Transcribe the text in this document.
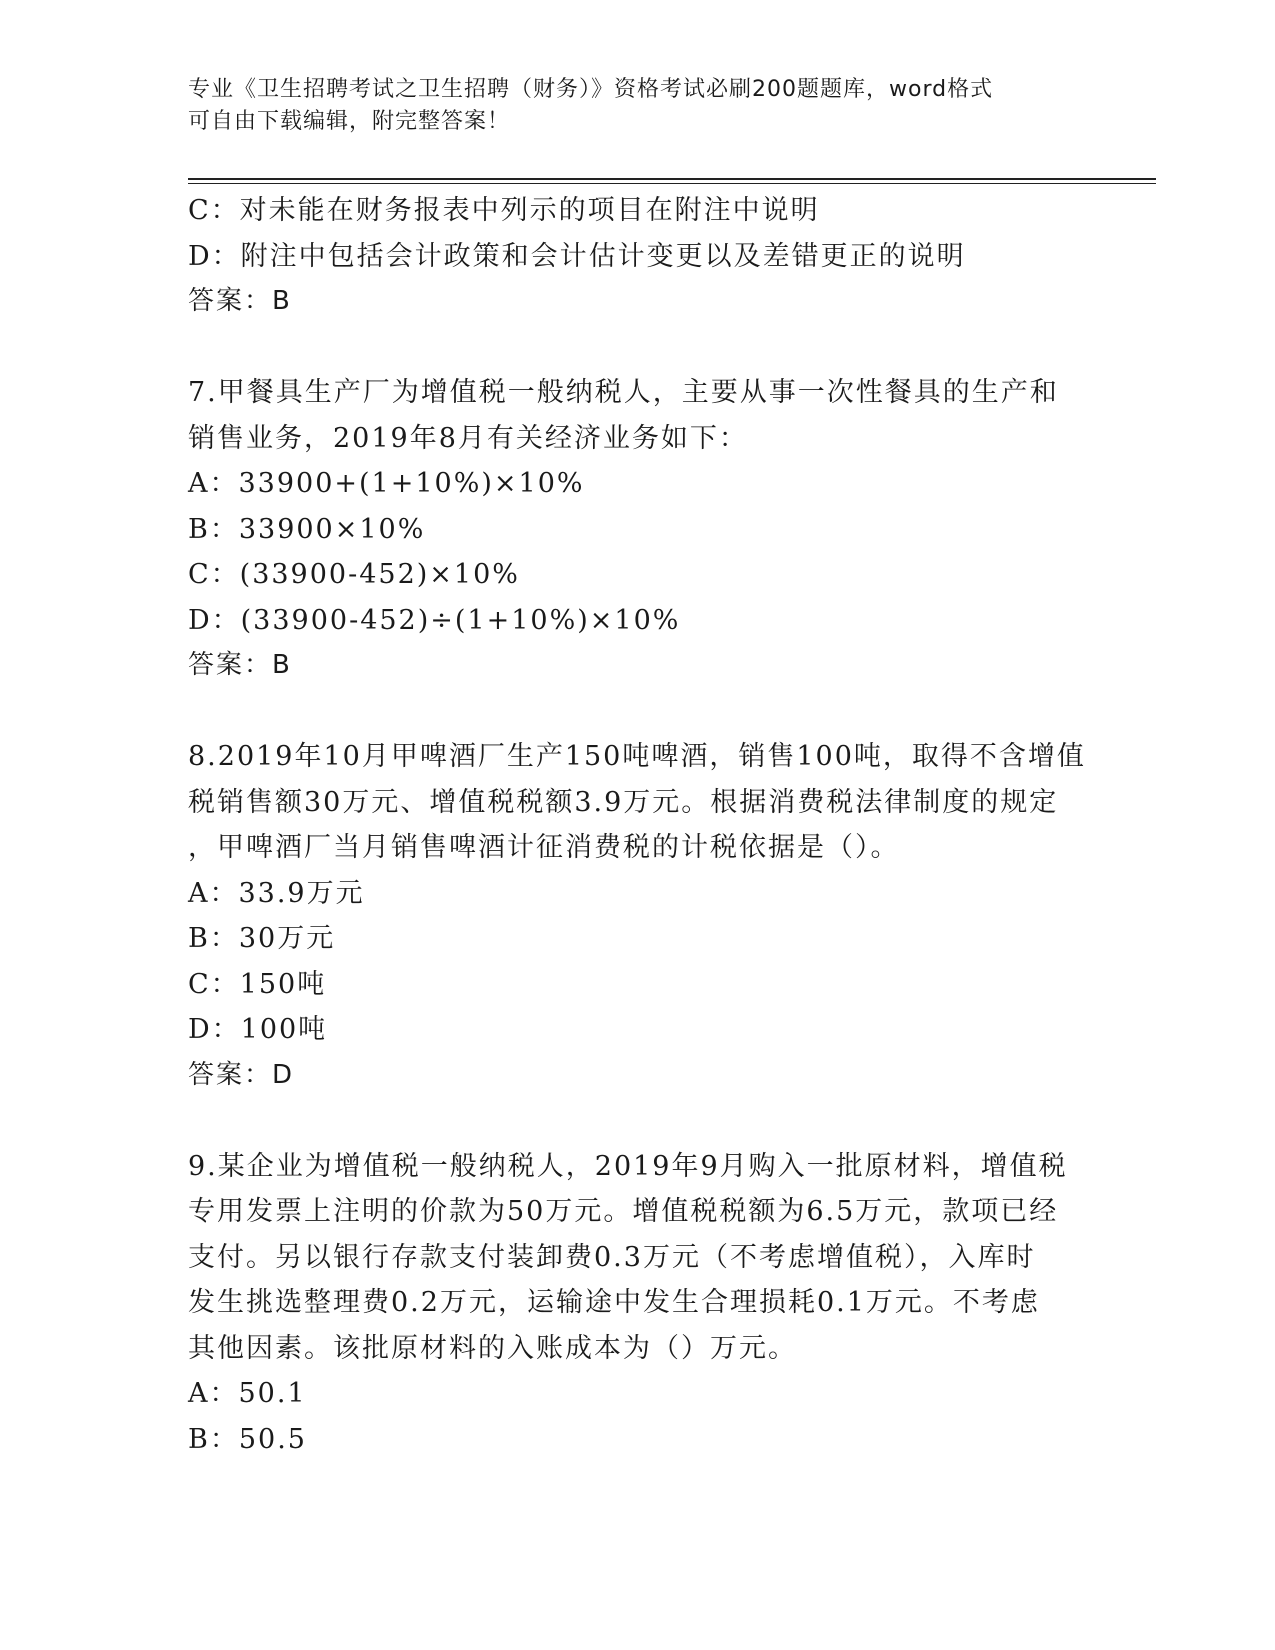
专业《卫生招聘考试之卫生招聘（财务）》资格考试必刷200题题库，word格式
可自由下载编辑，附完整答案！
C：对未能在财务报表中列示的项目在附注中说明
D：附注中包括会计政策和会计估计变更以及差错更正的说明
答案：B
7.甲餐具生产厂为增值税一般纳税人，主要从事一次性餐具的生产和
销售业务，2019年8月有关经济业务如下：
A：33900+(1+10%)×10%
B：33900×10%
C：(33900-452)×10%
D：(33900-452)÷(1+10%)×10%
答案：B
8.2019年10月甲啤酒厂生产150吨啤酒，销售100吨，取得不含增值
税销售额30万元、增值税税额3.9万元。根据消费税法律制度的规定
，甲啤酒厂当月销售啤酒计征消费税的计税依据是（）。
A：33.9万元
B：30万元
C：150吨
D：100吨
答案：D
9.某企业为增值税一般纳税人，2019年9月购入一批原材料，增值税
专用发票上注明的价款为50万元。增值税税额为6.5万元，款项已经
支付。另以银行存款支付装卸费0.3万元（不考虑增值税），入库时
发生挑选整理费0.2万元，运输途中发生合理损耗0.1万元。不考虑
其他因素。该批原材料的入账成本为（）万元。
A：50.1
B：50.5
